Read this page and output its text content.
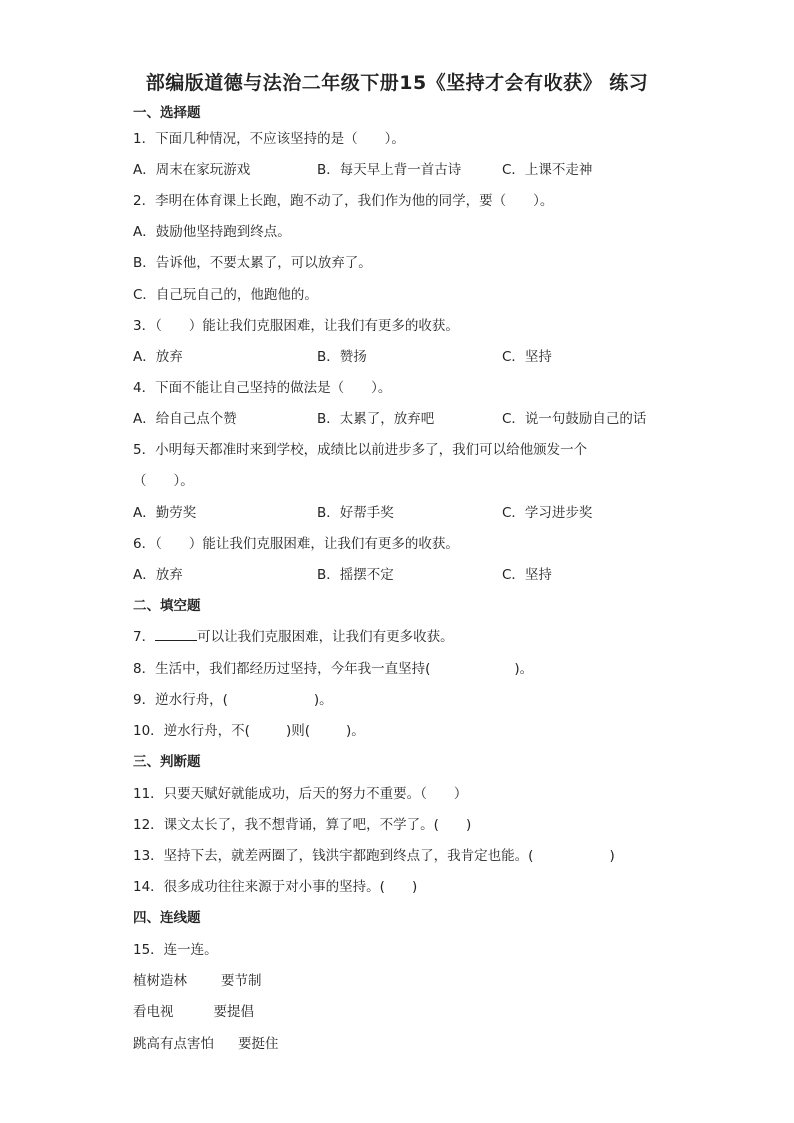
部编版道德与法治二年级下册15《坚持才会有收获》 练习
一、选择题
1．下面几种情况，不应该坚持的是（　　）。
A．周末在家玩游戏	B．每天早上背一首古诗	C．上课不走神
2．李明在体育课上长跑，跑不动了，我们作为他的同学，要（　　）。
A．鼓励他坚持跑到终点。
B．告诉他，不要太累了，可以放弃了。
C．自己玩自己的，他跑他的。
3．（　　）能让我们克服困难，让我们有更多的收获。
A．放弃	B．赞扬	C．坚持
4．下面不能让自己坚持的做法是（　　）。
A．给自己点个赞	B．太累了，放弃吧	C．说一句鼓励自己的话
5．小明每天都准时来到学校，成绩比以前进步多了，我们可以给他颁发一个
（　　）。
A．勤劳奖	B．好帮手奖	C．学习进步奖
6．（　　）能让我们克服困难，让我们有更多的收获。
A．放弃	B．摇摆不定	C．坚持
二、填空题
7．	可以让我们克服困难，让我们有更多收获。
8．生活中，我们都经历过坚持，今年我一直坚持(	)。
9．逆水行舟，(	)。
10．逆水行舟，不(	)则(	)。
三、判断题
11．只要天赋好就能成功，后天的努力不重要。（　　）
12．课文太长了，我不想背诵，算了吧，不学了。(　　)
13．坚持下去，就差两圈了，钱洪宇都跑到终点了，我肯定也能。(	)
14．很多成功往往来源于对小事的坚持。(　　)
四、连线题
15．连一连。
植树造林	要节制
看电视	要提倡
跳高有点害怕 要挺住
